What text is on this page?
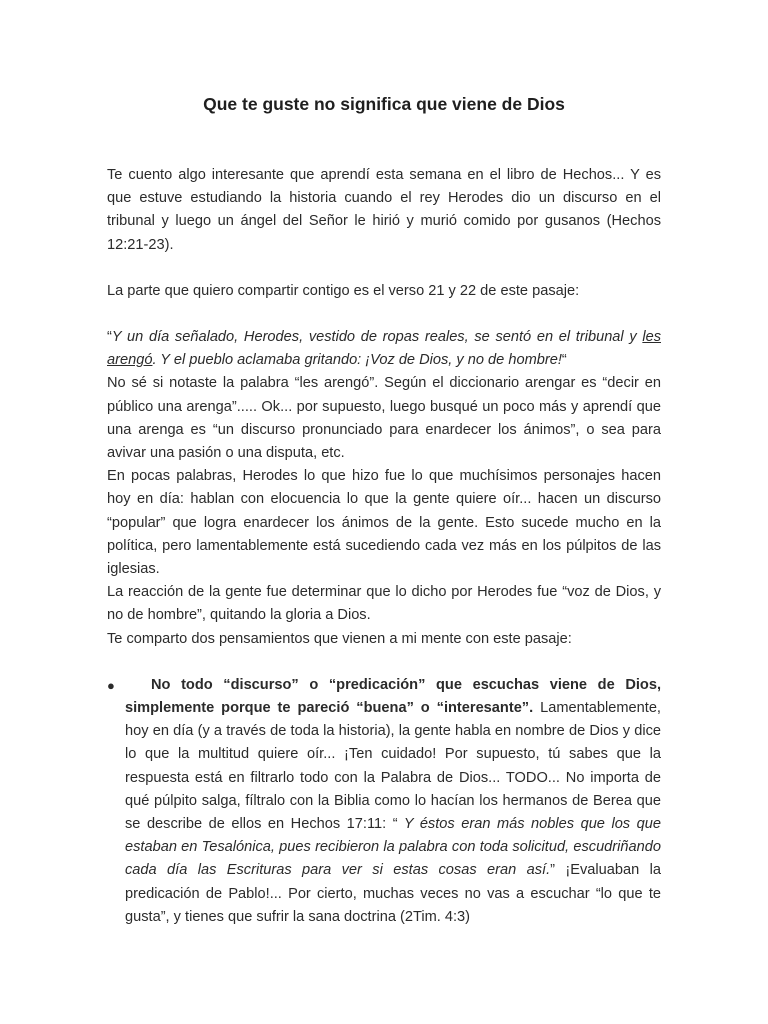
Que te guste no significa que viene de Dios

Te cuento algo interesante que aprendí esta semana en el libro de Hechos... Y es que estuve estudiando la historia cuando el rey Herodes dio un discurso en el tribunal y luego un ángel del Señor le hirió y murió comido por gusanos (Hechos 12:21-23).

La parte que quiero compartir contigo es el verso 21 y 22 de este pasaje:

“Y un día señalado, Herodes, vestido de ropas reales, se sentó en el tribunal y les arengó. Y el pueblo aclamaba gritando: ¡Voz de Dios, y no de hombre!“

No sé si notaste la palabra “les arengó”. Según el diccionario arengar es “decir en público una arenga”..... Ok... por supuesto, luego busqué un poco más y aprendí que una arenga es “un discurso pronunciado para enardecer los ánimos”, o sea para avivar una pasión o una disputa, etc.

En pocas palabras, Herodes lo que hizo fue lo que muchísimos personajes hacen hoy en día: hablan con elocuencia lo que la gente quiere oír... hacen un discurso “popular” que logra enardecer los ánimos de la gente. Esto sucede mucho en la política, pero lamentablemente está sucediendo cada vez más en los púlpitos de las iglesias.

La reacción de la gente fue determinar que lo dicho por Herodes fue “voz de Dios, y no de hombre”, quitando la gloria a Dios.

Te comparto dos pensamientos que vienen a mi mente con este pasaje:

● No todo “discurso” o “predicación” que escuchas viene de Dios, simplemente porque te pareció “buena” o “interesante”. Lamentablemente, hoy en día (y a través de toda la historia), la gente habla en nombre de Dios y dice lo que la multitud quiere oír... ¡Ten cuidado! Por supuesto, tú sabes que la respuesta está en filtrarlo todo con la Palabra de Dios... TODO... No importa de qué púlpito salga, fíltralo con la Biblia como lo hacían los hermanos de Berea que se describe de ellos en Hechos 17:11: “ Y éstos eran más nobles que los que estaban en Tesalónica, pues recibieron la palabra con toda solicitud, escudriñando cada día las Escrituras para ver si estas cosas eran así.” ¡Evaluaban la predicación de Pablo!... Por cierto, muchas veces no vas a escuchar “lo que te gusta”, y tienes que sufrir la sana doctrina (2Tim. 4:3)
